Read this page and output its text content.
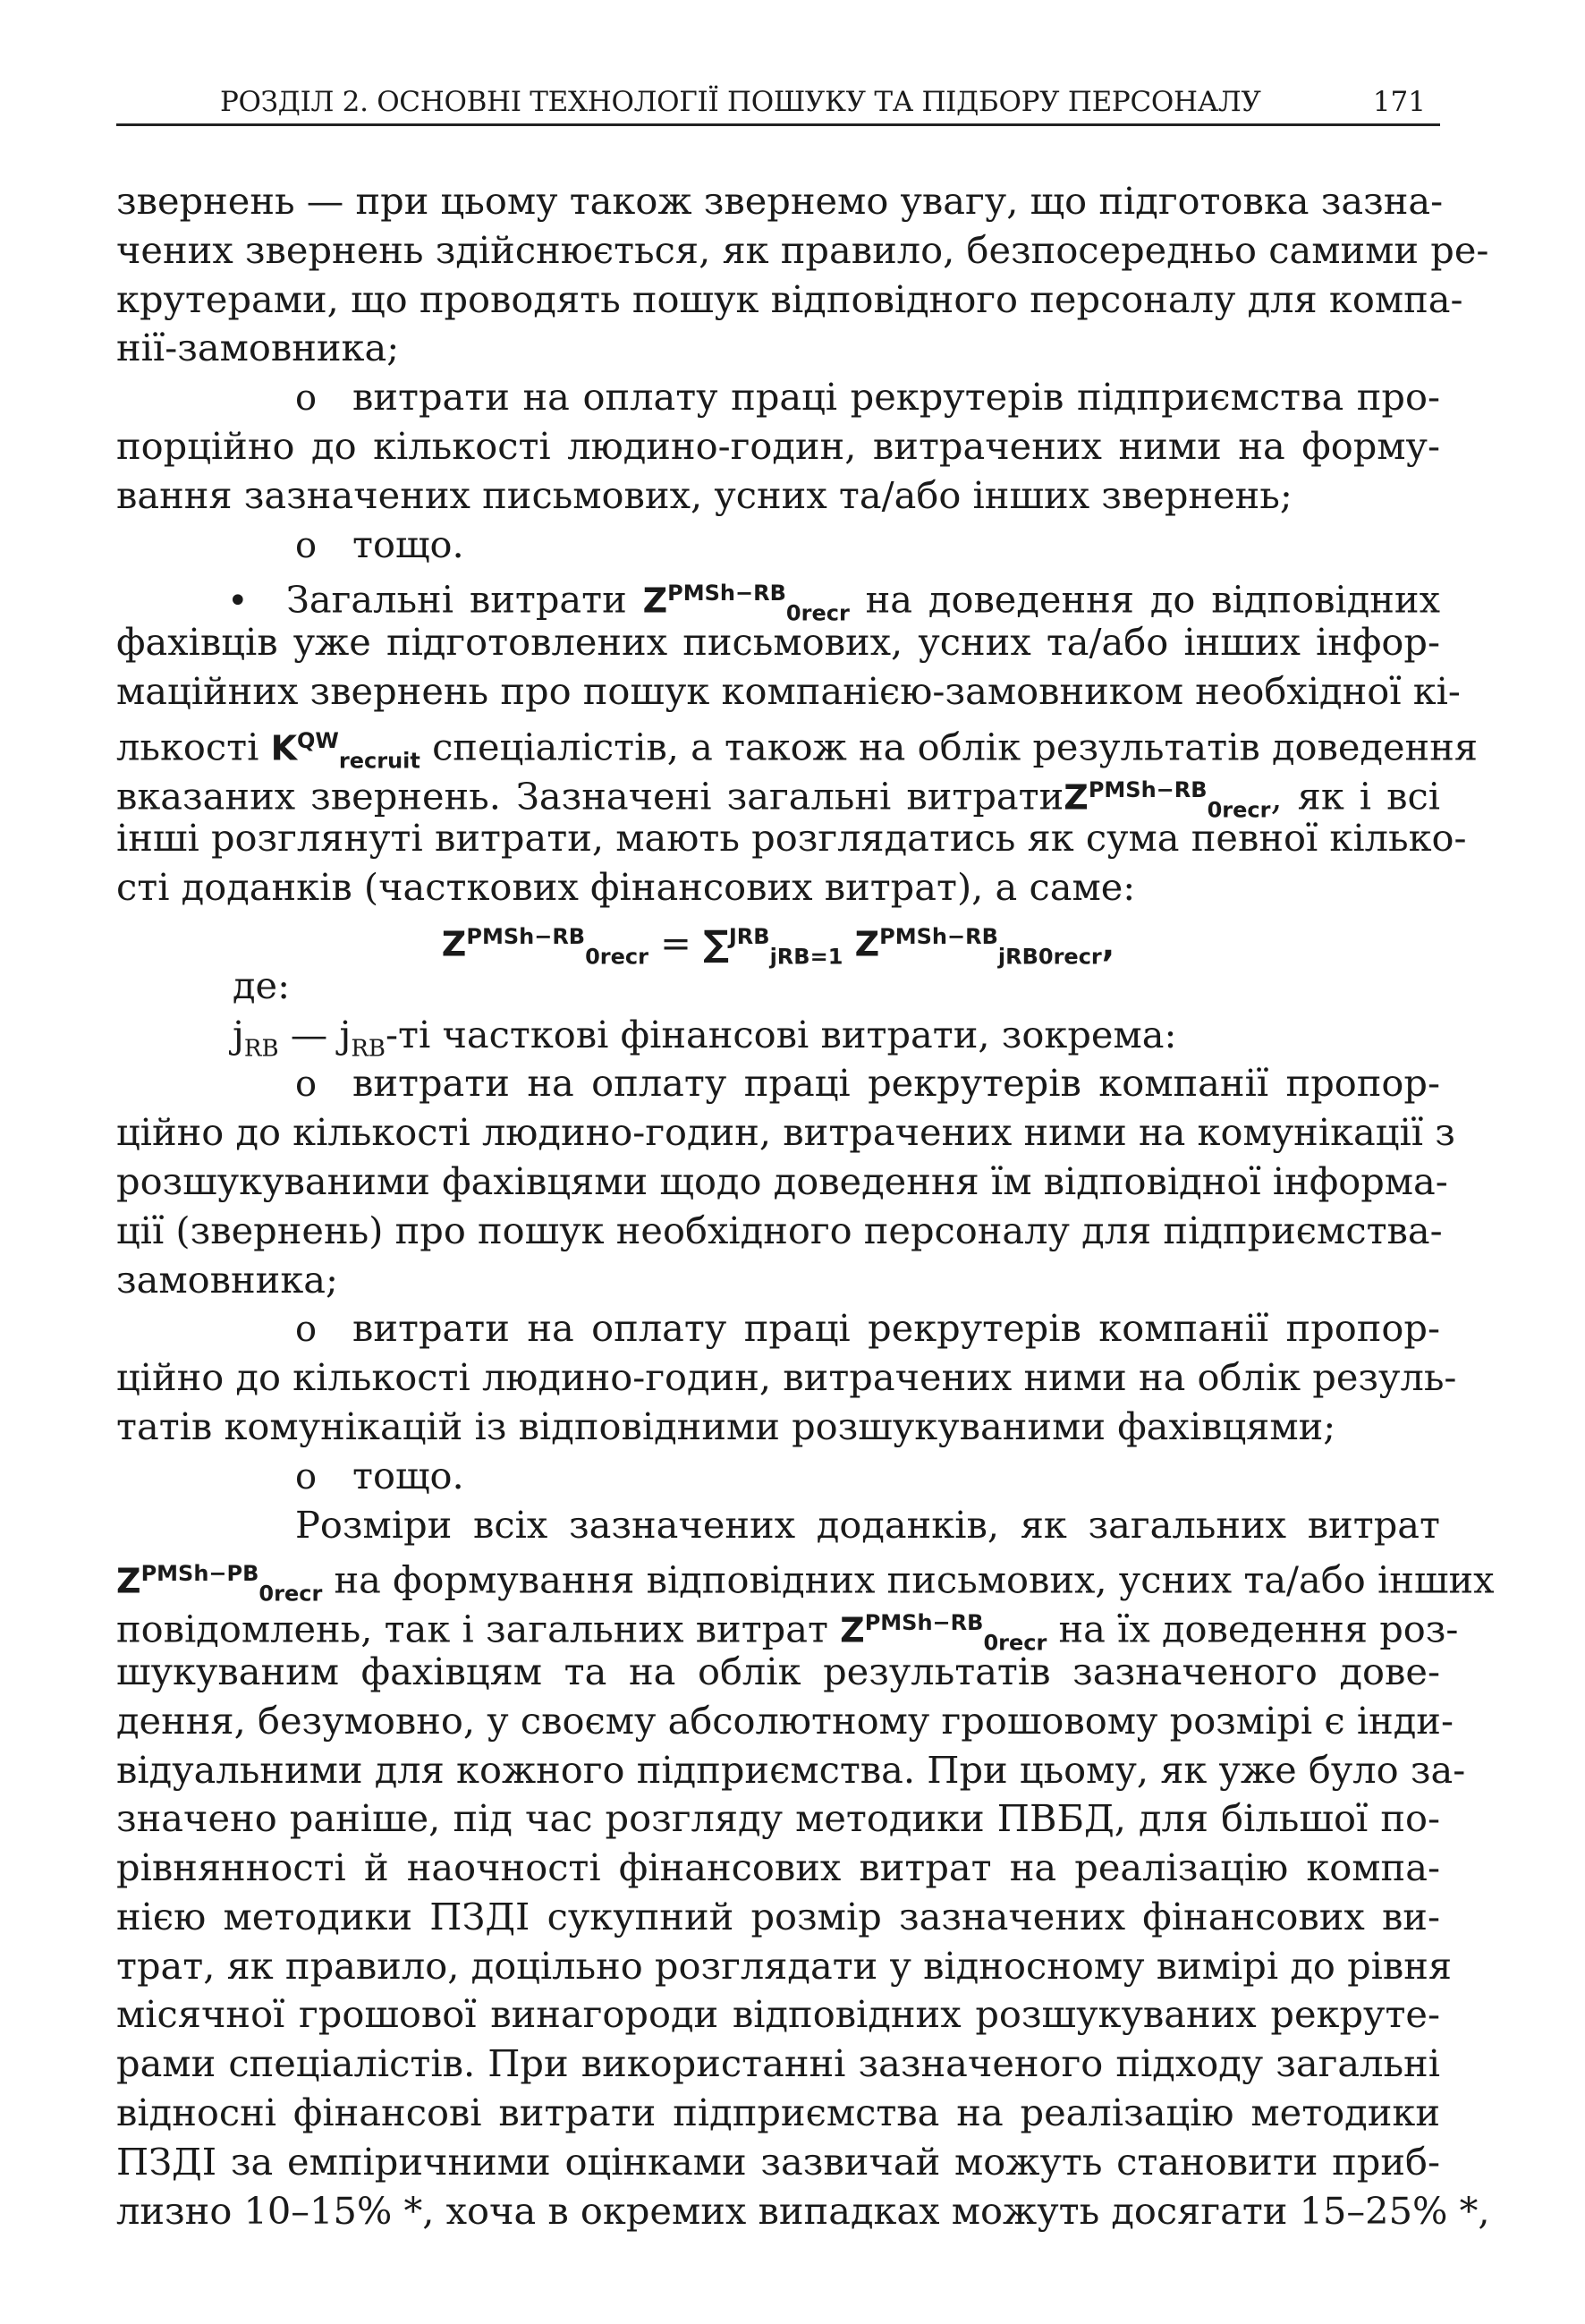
РОЗДІЛ 2. ОСНОВНІ ТЕХНОЛОГІЇ ПОШУКУ ТА ПІДБОРУ ПЕРСОНАЛУ	171
звернень — при цьому також звернемо увагу, що підготовка зазна-
чених звернень здійснюється, як правило, безпосередньо самими ре-
крутерами, що проводять пошук відповідного персоналу для компа-
нії-замовника;
o витрати на оплату праці рекрутерів підприємства про-
порційно до кількості людино-годин, витрачених ними на форму-
вання зазначених письмових, усних та/або інших звернень;
o тощо.
• Загальні витрати $Z^{PMSh-RB}_{0recr}$ на доведення до відповідних
фахівців уже підготовлених письмових, усних та/або інших інфор-
маційних звернень про пошук компанією-замовником необхідної кі-
лькості $K^{QW}_{recruit}$ спеціалістів, а також на облік результатів доведення
вказаних звернень. Зазначені загальні витратиZ$^{PMSh-RB}_{0recr}$, як і всі
інші розглянуті витрати, мають розглядатись як сума певної кілько-
сті доданків (часткових фінансових витрат), а саме:
$Z^{PMSh-RB}_{0recr} = \sum^{JRB}_{jRB=1}$ $Z^{PMSh-RB}_{jRB0recr}$,
де:
$j_{RB}$ — $j_{RB}-ті$ часткові фінансові витрати, зокрема:
o витрати на оплату праці рекрутерів компанії пропор-
ційно до кількості людино-годин, витрачених ними на комунікації з
розшукуваними фахівцями щодо доведення їм відповідної інформа-
ції (звернень) про пошук необхідного персоналу для підприємства-
замовника;
o витрати на оплату праці рекрутерів компанії пропор-
ційно до кількості людино-годин, витрачених ними на облік резуль-
татів комунікацій із відповідними розшукуваними фахівцями;
o тощо.
Розміри всіх зазначених доданків, як загальних витрат
$Z^{PMSh-PB}_{0recr}$ на формування відповідних письмових, усних та/або інших
повідомлень, так і загальних витрат $Z^{PMSh-RB}_{0recr}$ на їх доведення роз-
шукуваним фахівцям та на облік результатів зазначеного дове-
дення, безумовно, у своєму абсолютному грошовому розмірі є інди-
відуальними для кожного підприємства. При цьому, як уже було за-
значено раніше, під час розгляду методики ПВБД, для більшої по-
рівнянності й наочності фінансових витрат на реалізацію компа-
нією методики ПЗДІ сукупний розмір зазначених фінансових ви-
трат, як правило, доцільно розглядати у відносному вимірі до рівня
місячної грошової винагороди відповідних розшукуваних рекруте-
рами спеціалістів. При використанні зазначеного підходу загальні
відносні фінансові витрати підприємства на реалізацію методики
ПЗДІ за емпіричними оцінками зазвичай можуть становити приб-
лизно 10–15% *, хоча в окремих випадках можуть досягати 15–25% *,
